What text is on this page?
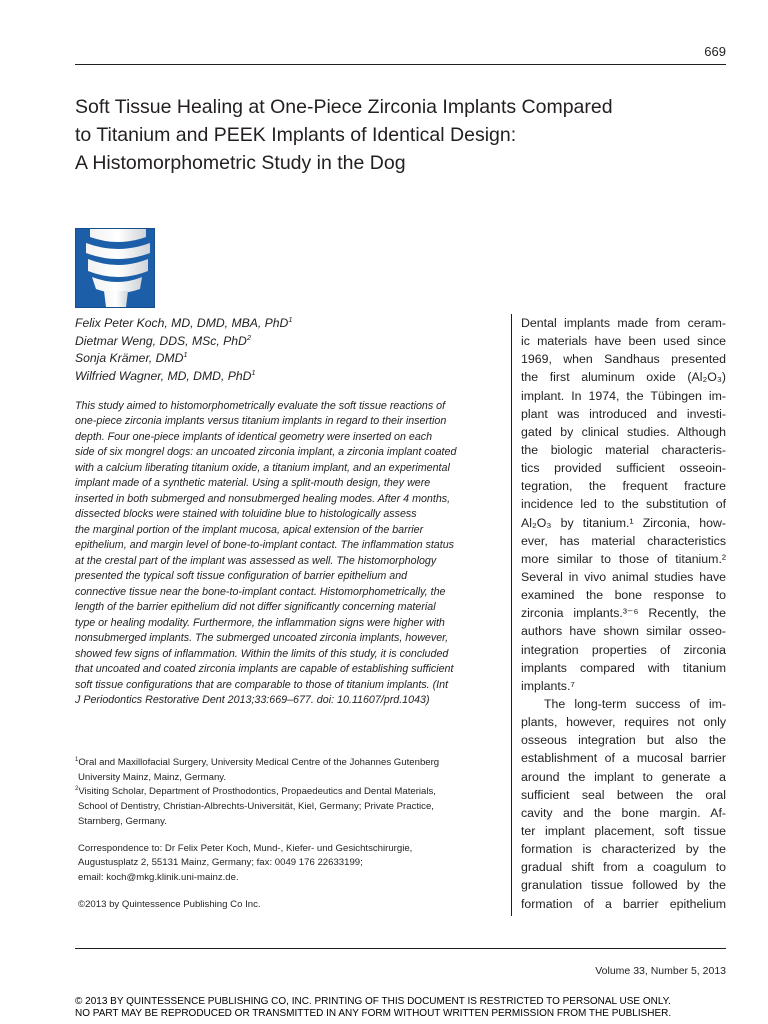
669
Soft Tissue Healing at One-Piece Zirconia Implants Compared
to Titanium and PEEK Implants of Identical Design:
A Histomorphometric Study in the Dog
Felix Peter Koch, MD, DMD, MBA, PhD$^1$
Dietmar Weng, DDS, MSc, PhD$^2$
Sonja Krämer, DMD$^1$
Wilfried Wagner, MD, DMD, PhD$^1$
This study aimed to histomorphometrically evaluate the soft tissue reactions of
one-piece zirconia implants versus titanium implants in regard to their insertion
depth. Four one-piece implants of identical geometry were inserted on each
side of six mongrel dogs: an uncoated zirconia implant, a zirconia implant coated
with a calcium liberating titanium oxide, a titanium implant, and an experimental
implant made of a synthetic material. Using a split-mouth design, they were
inserted in both submerged and nonsubmerged healing modes. After 4 months,
dissected blocks were stained with toluidine blue to histologically assess
the marginal portion of the implant mucosa, apical extension of the barrier
epithelium, and margin level of bone-to-implant contact. The inflammation status
at the crestal part of the implant was assessed as well. The histomorphology
presented the typical soft tissue configuration of barrier epithelium and
connective tissue near the bone-to-implant contact. Histomorphometrically, the
length of the barrier epithelium did not differ significantly concerning material
type or healing modality. Furthermore, the inflammation signs were higher with
nonsubmerged implants. The submerged uncoated zirconia implants, however,
showed few signs of inflammation. Within the limits of this study, it is concluded
that uncoated and coated zirconia implants are capable of establishing sufficient
soft tissue configurations that are comparable to those of titanium implants. (Int
J Periodontics Restorative Dent 2013;33:669–677. doi: 10.11607/prd.1043)
$^1$Oral and Maxillofacial Surgery, University Medical Centre of the Johannes Gutenberg
University Mainz, Mainz, Germany.
$^2$Visiting Scholar, Department of Prosthodontics, Propaedeutics and Dental Materials,
School of Dentistry, Christian-Albrechts-Universität, Kiel, Germany; Private Practice,
Starnberg, Germany.
Correspondence to: Dr Felix Peter Koch, Mund-, Kiefer- und Gesichtschirurgie,
Augustusplatz 2, 55131 Mainz, Germany; fax: 0049 176 22633199;
email: koch@mkg.klinik.uni-mainz.de.
©2013 by Quintessence Publishing Co Inc.
Dental implants made from ceram-
ic materials have been used since
1969, when Sandhaus presented
the first aluminum oxide (Al₂O₃)
implant. In 1974, the Tübingen im-
plant was introduced and investi-
gated by clinical studies. Although
the biologic material characteris-
tics provided sufficient osseoin-
tegration, the frequent fracture
incidence led to the substitution of
Al₂O₃ by titanium.¹ Zirconia, how-
ever, has material characteristics
more similar to those of titanium.²
Several in vivo animal studies have
examined the bone response to
zirconia implants.³⁻⁶ Recently, the
authors have shown similar osseo-
integration properties of zirconia
implants compared with titanium
implants.⁷
The long-term success of im-
plants, however, requires not only
osseous integration but also the
establishment of a mucosal barrier
around the implant to generate a
sufficient seal between the oral
cavity and the bone margin. Af-
ter implant placement, soft tissue
formation is characterized by the
gradual shift from a coagulum to
granulation tissue followed by the
formation of a barrier epithelium
Volume 33, Number 5, 2013
© 2013 BY QUINTESSENCE PUBLISHING CO, INC. PRINTING OF THIS DOCUMENT IS RESTRICTED TO PERSONAL USE ONLY.
NO PART MAY BE REPRODUCED OR TRANSMITTED IN ANY FORM WITHOUT WRITTEN PERMISSION FROM THE PUBLISHER.
